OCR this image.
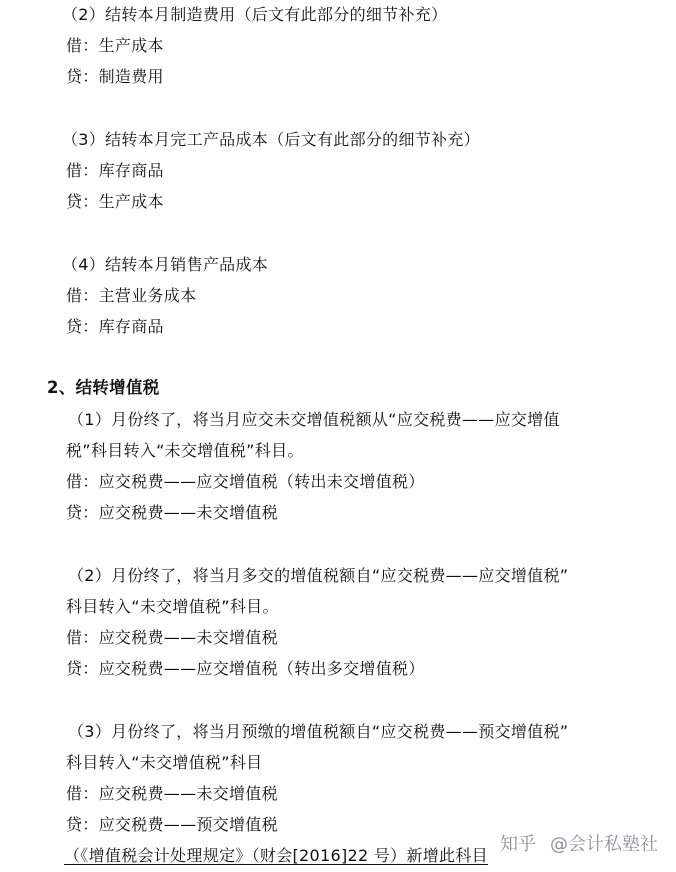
（2）结转本月制造费用（后文有此部分的细节补充）
借：生产成本
贷：制造费用
（3）结转本月完工产品成本（后文有此部分的细节补充）
借：库存商品
贷：生产成本
（4）结转本月销售产品成本
借：主营业务成本
贷：库存商品
2、结转增值税
（1）月份终了，将当月应交未交增值税额从“应交税费——应交增值
税”科目转入“未交增值税”科目。
借：应交税费——应交增值税（转出未交增值税）
贷：应交税费——未交增值税
（2）月份终了，将当月多交的增值税额自“应交税费——应交增值税”
科目转入“未交增值税”科目。
借：应交税费——未交增值税
贷：应交税费——应交增值税（转出多交增值税）
（3）月份终了，将当月预缴的增值税额自“应交税费——预交增值税”
科目转入“未交增值税”科目
借：应交税费——未交增值税
贷：应交税费——预交增值税
（《增值税会计处理规定》（财会[2016]22 号）新增此科目
知乎 @会计私塾社
